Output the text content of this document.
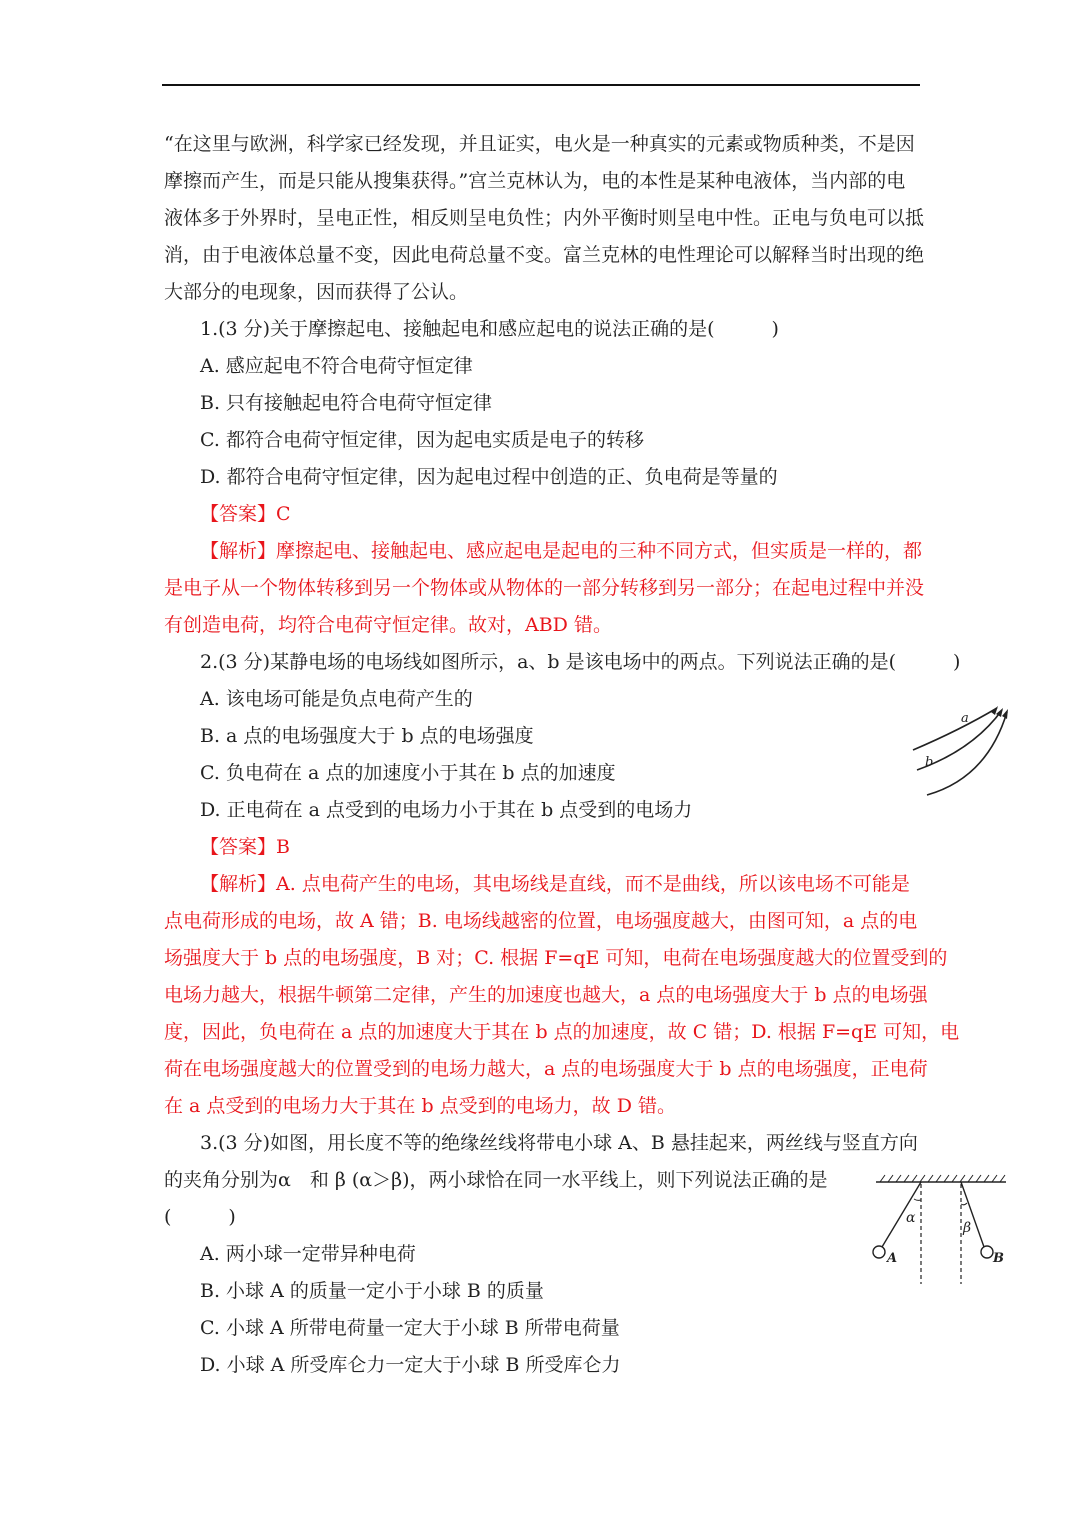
“在这里与欧洲，科学家已经发现，并且证实，电火是一种真实的元素或物质种类，不是因
摩擦而产生，而是只能从搜集获得。”宫兰克林认为，电的本性是某种电液体，当内部的电
液体多于外界时，呈电正性，相反则呈电负性；内外平衡时则呈电中性。正电与负电可以抵
消，由于电液体总量不变，因此电荷总量不变。富兰克林的电性理论可以解释当时出现的绝
大部分的电现象，因而获得了公认。
1.(3 分)关于摩擦起电、接触起电和感应起电的说法正确的是(　　　)
A. 感应起电不符合电荷守恒定律
B. 只有接触起电符合电荷守恒定律
C. 都符合电荷守恒定律，因为起电实质是电子的转移
D. 都符合电荷守恒定律，因为起电过程中创造的正、负电荷是等量的
【答案】C
【解析】摩擦起电、接触起电、感应起电是起电的三种不同方式，但实质是一样的，都
是电子从一个物体转移到另一个物体或从物体的一部分转移到另一部分；在起电过程中并没
有创造电荷，均符合电荷守恒定律。故对，ABD 错。
2.(3 分)某静电场的电场线如图所示，a、b 是该电场中的两点。下列说法正确的是(　　　)
A. 该电场可能是负点电荷产生的
B. a 点的电场强度大于 b 点的电场强度
C. 负电荷在 a 点的加速度小于其在 b 点的加速度
D. 正电荷在 a 点受到的电场力小于其在 b 点受到的电场力
a
b
【答案】B
【解析】A. 点电荷产生的电场，其电场线是直线，而不是曲线，所以该电场不可能是
点电荷形成的电场，故 A 错；B. 电场线越密的位置，电场强度越大，由图可知，a 点的电
场强度大于 b 点的电场强度，B 对；C. 根据 F=qE 可知，电荷在电场强度越大的位置受到的
电场力越大，根据牛顿第二定律，产生的加速度也越大，a 点的电场强度大于 b 点的电场强
度，因此，负电荷在 a 点的加速度大于其在 b 点的加速度，故 C 错；D. 根据 F=qE 可知，电
荷在电场强度越大的位置受到的电场力越大，a 点的电场强度大于 b 点的电场强度，正电荷
在 a 点受到的电场力大于其在 b 点受到的电场力，故 D 错。
3.(3 分)如图，用长度不等的绝缘丝线将带电小球 A、B 悬挂起来，两丝线与竖直方向
的夹角分别为α　和 β (α＞β)，两小球恰在同一水平线上，则下列说法正确的是
(　　　)
A. 两小球一定带异种电荷
B. 小球 A 的质量一定小于小球 B 的质量
C. 小球 A 所带电荷量一定大于小球 B 所带电荷量
D. 小球 A 所受库仑力一定大于小球 B 所受库仑力
α
β
A	B
